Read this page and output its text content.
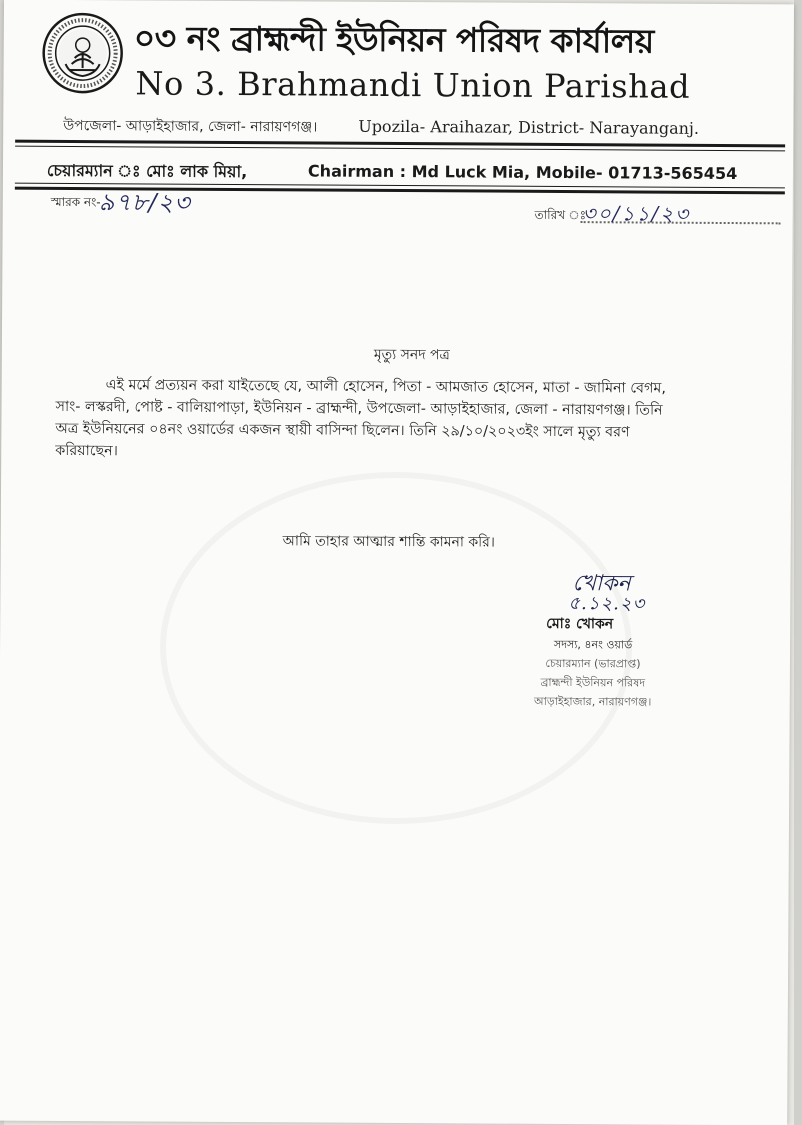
০৩ নং ব্রাহ্মন্দী ইউনিয়ন পরিষদ কার্যালয়
No 3. Brahmandi Union Parishad
উপজেলা- আড়াইহাজার, জেলা- নারায়ণগঞ্জ।	Upozila- Araihazar, District- Narayanganj.
চেয়ারম্যান ঃ মোঃ লাক মিয়া,	Chairman : Md Luck Mia, Mobile- 01713-565454
স্মারক নং-
৯৭৮/২৩	তারিখ ঃ
৩০/১১/২৩
মৃত্যু সনদ পত্র
এই মর্মে প্রত্যয়ন করা যাইতেছে যে, আলী হোসেন, পিতা - আমজাত হোসেন, মাতা - জামিনা বেগম,
সাং- লস্করদী, পোষ্ট - বালিয়াপাড়া, ইউনিয়ন - ব্রাহ্মন্দী, উপজেলা- আড়াইহাজার, জেলা - নারায়ণগঞ্জ। তিনি
অত্র ইউনিয়নের ০৪নং ওয়ার্ডের একজন স্থায়ী বাসিন্দা ছিলেন। তিনি ২৯/১০/২০২৩ইং সালে মৃত্যু বরণ
করিয়াছেন।
আমি তাহার আত্মার শান্তি কামনা করি।
খোকন
৫.১২.২৩
মোঃ খোকন
সদস্য, ৪নং ওয়ার্ড
চেয়ারম্যান (ভারপ্রাপ্ত)
ব্রাহ্মন্দী ইউনিয়ন পরিষদ
আড়াইহাজার, নারায়ণগঞ্জ।
